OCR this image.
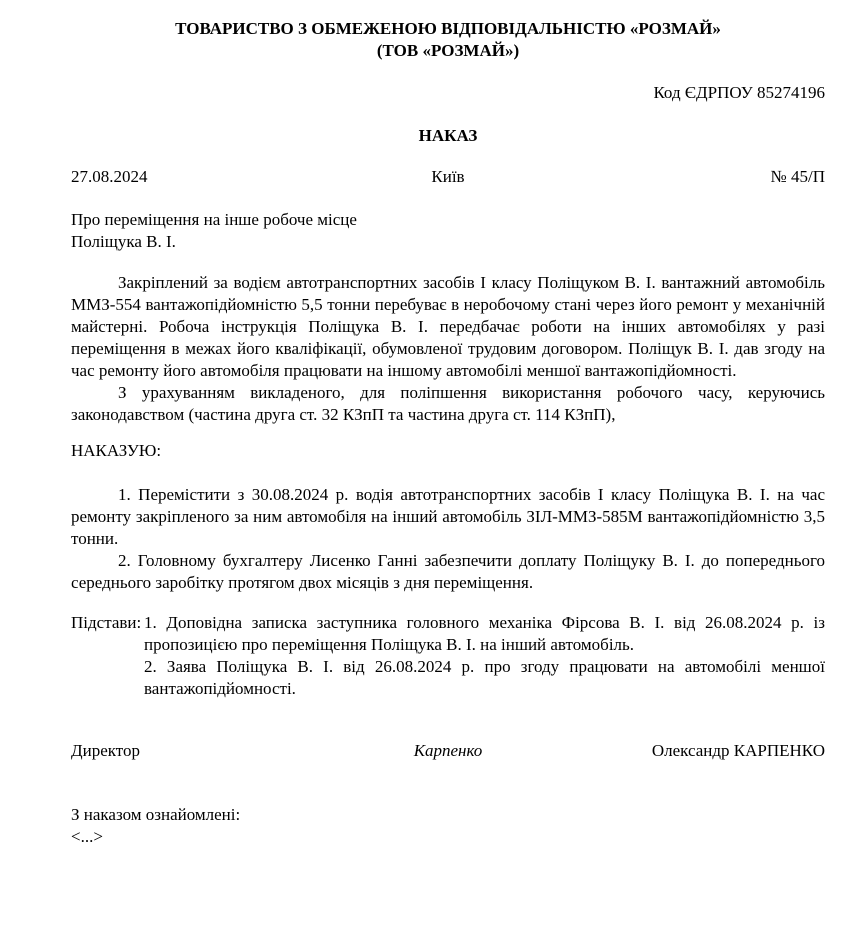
ТОВАРИСТВО З ОБМЕЖЕНОЮ ВІДПОВІДАЛЬНІСТЮ «РОЗМАЙ»
(ТОВ «РОЗМАЙ»)
Код ЄДРПОУ 85274196
НАКАЗ
27.08.2024	Київ	№ 45/П
Про переміщення на інше робоче місце
Поліщука В. І.

Закріплений за водієм автотранспортних засобів І класу Поліщуком В. І. вантажний автомобіль ММЗ-554 вантажопідйомністю 5,5 тонни перебуває в неробочому стані через його ремонт у механічній майстерні. Робоча інструкція Поліщука В. І. передбачає роботи на інших автомобілях у разі переміщення в межах його кваліфікації, обумовленої трудовим договором. Поліщук В. І. дав згоду на час ремонту його автомобіля працювати на іншому автомобілі меншої вантажопідйомності.

З урахуванням викладеного, для поліпшення використання робочого часу, керуючись законодавством (частина друга ст. 32 КЗпП та частина друга ст. 114 КЗпП),

НАКАЗУЮ:

1. Перемістити з 30.08.2024 р. водія автотранспортних засобів І класу Поліщука В. І. на час ремонту закріпленого за ним автомобіля на інший автомобіль ЗІЛ-ММЗ-585М вантажопідйомністю 3,5 тонни.

2. Головному бухгалтеру Лисенко Ганні забезпечити доплату Поліщуку В. І. до попереднього середнього заробітку протягом двох місяців з дня переміщення.

Підстави: 1. Доповідна записка заступника головного механіка Фірсова В. І. від 26.08.2024 р. із пропозицією про переміщення Поліщука В. І. на інший автомобіль.

2. Заява Поліщука В. І. від 26.08.2024 р. про згоду працювати на автомобілі меншої вантажопідйомності.

Директор	Карпенко	Олександр КАРПЕНКО
З наказом ознайомлені:

<...>
